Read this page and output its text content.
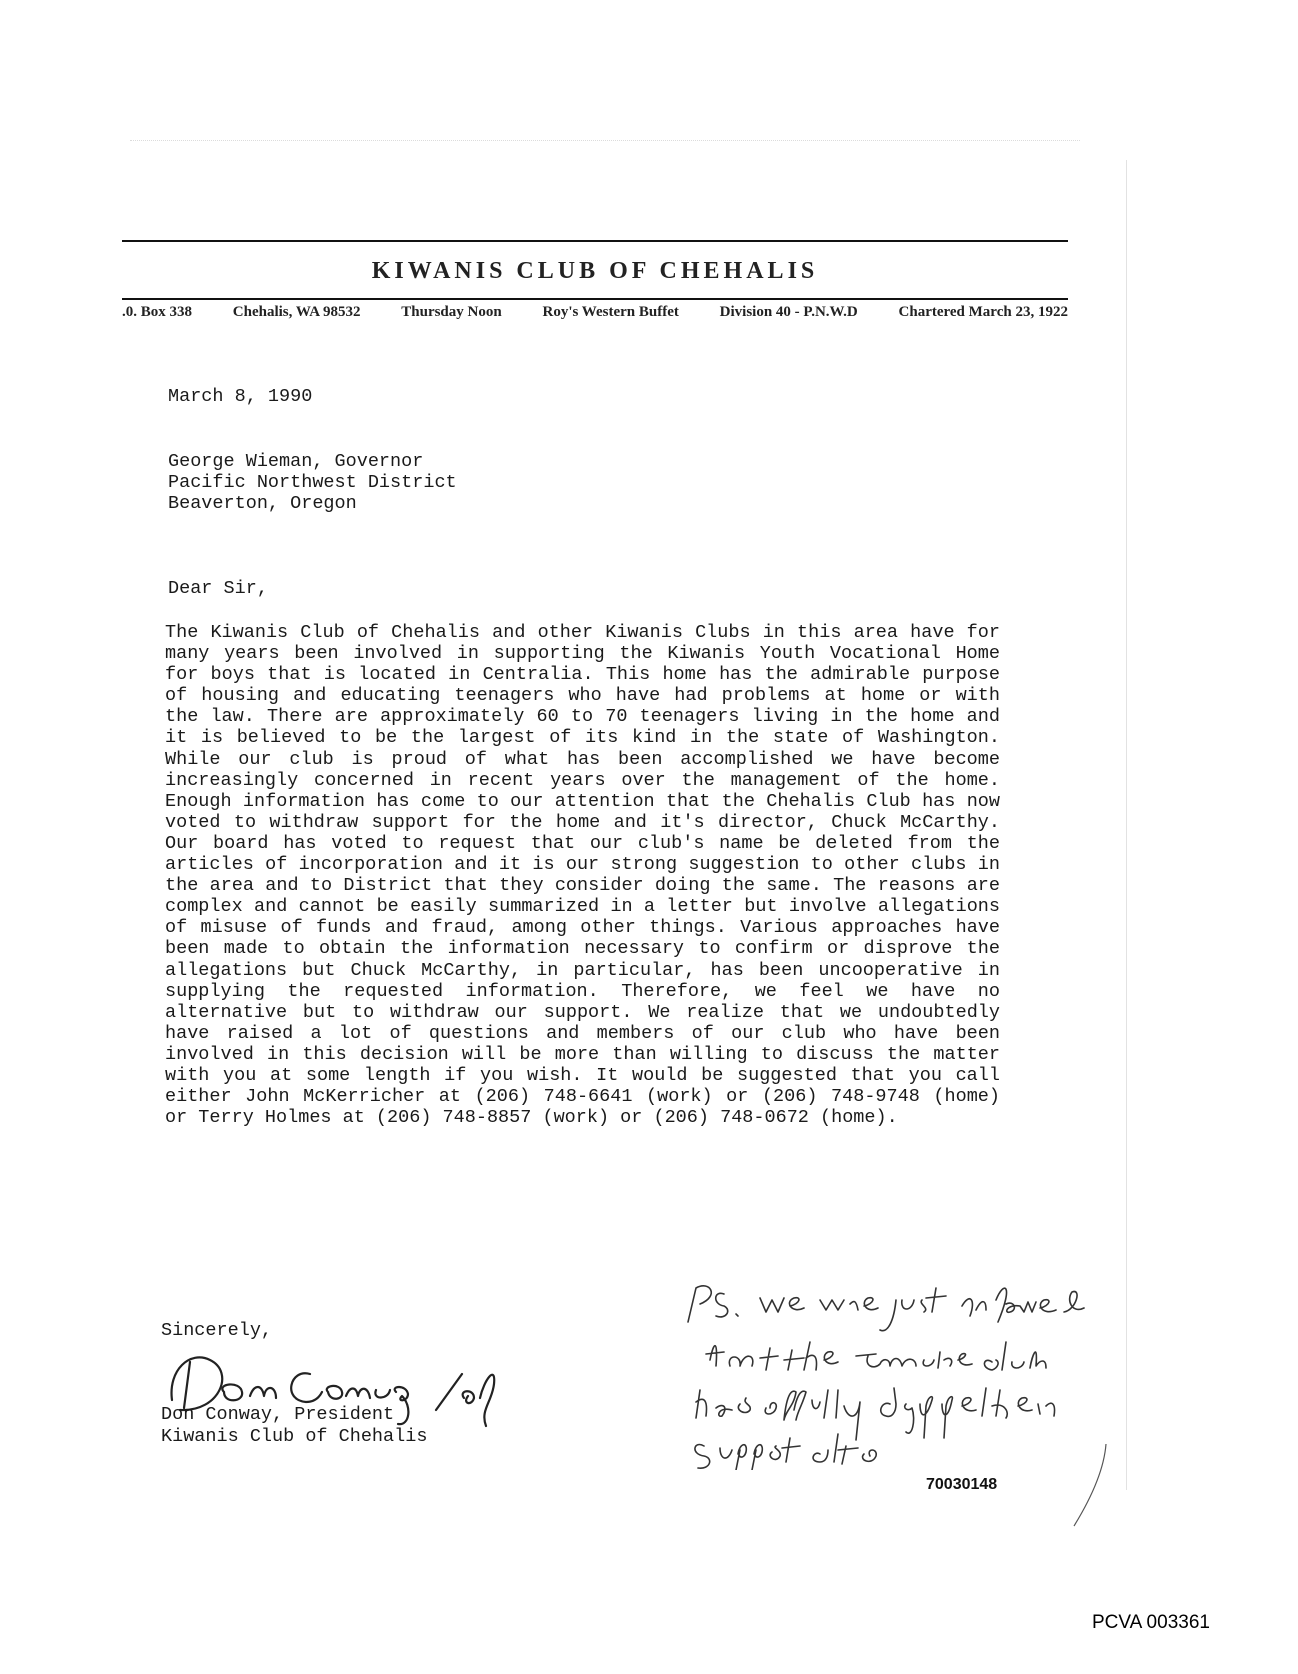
KIWANIS CLUB OF CHEHALIS
.0. Box 338	Chehalis, WA 98532	Thursday Noon	Roy's Western Buffet	Division 40 - P.N.W.D	Chartered March 23, 1922
March 8, 1990
George Wieman, Governor
Pacific Northwest District
Beaverton, Oregon
Dear Sir,
The Kiwanis Club of Chehalis and other Kiwanis Clubs in this area have for many years been involved in supporting the Kiwanis Youth Vocational Home for boys that is located in Centralia. This home has the admirable purpose of housing and educating teenagers who have had problems at home or with the law. There are approximately 60 to 70 teenagers living in the home and it is believed to be the largest of its kind in the state of Washington. While our club is proud of what has been accomplished we have become increasingly concerned in recent years over the management of the home. Enough information has come to our attention that the Chehalis Club has now voted to withdraw support for the home and it's director, Chuck McCarthy. Our board has voted to request that our club's name be deleted from the articles of incorporation and it is our strong suggestion to other clubs in the area and to District that they consider doing the same. The reasons are complex and cannot be easily summarized in a letter but involve allegations of misuse of funds and fraud, among other things. Various approaches have been made to obtain the information necessary to confirm or disprove the allegations but Chuck McCarthy, in particular, has been uncooperative in supplying the requested information. Therefore, we feel we have no alternative but to withdraw our support. We realize that we undoubtedly have raised a lot of questions and members of our club who have been involved in this decision will be more than willing to discuss the matter with you at some length if you wish. It would be suggested that you call either John McKerricher at (206) 748-6641 (work) or (206) 748-9748 (home) or Terry Holmes at (206) 748-8857 (work) or (206) 748-0672 (home).
Sincerely,
Don Conway, President
Kiwanis Club of Chehalis
70030148
PCVA 003361
